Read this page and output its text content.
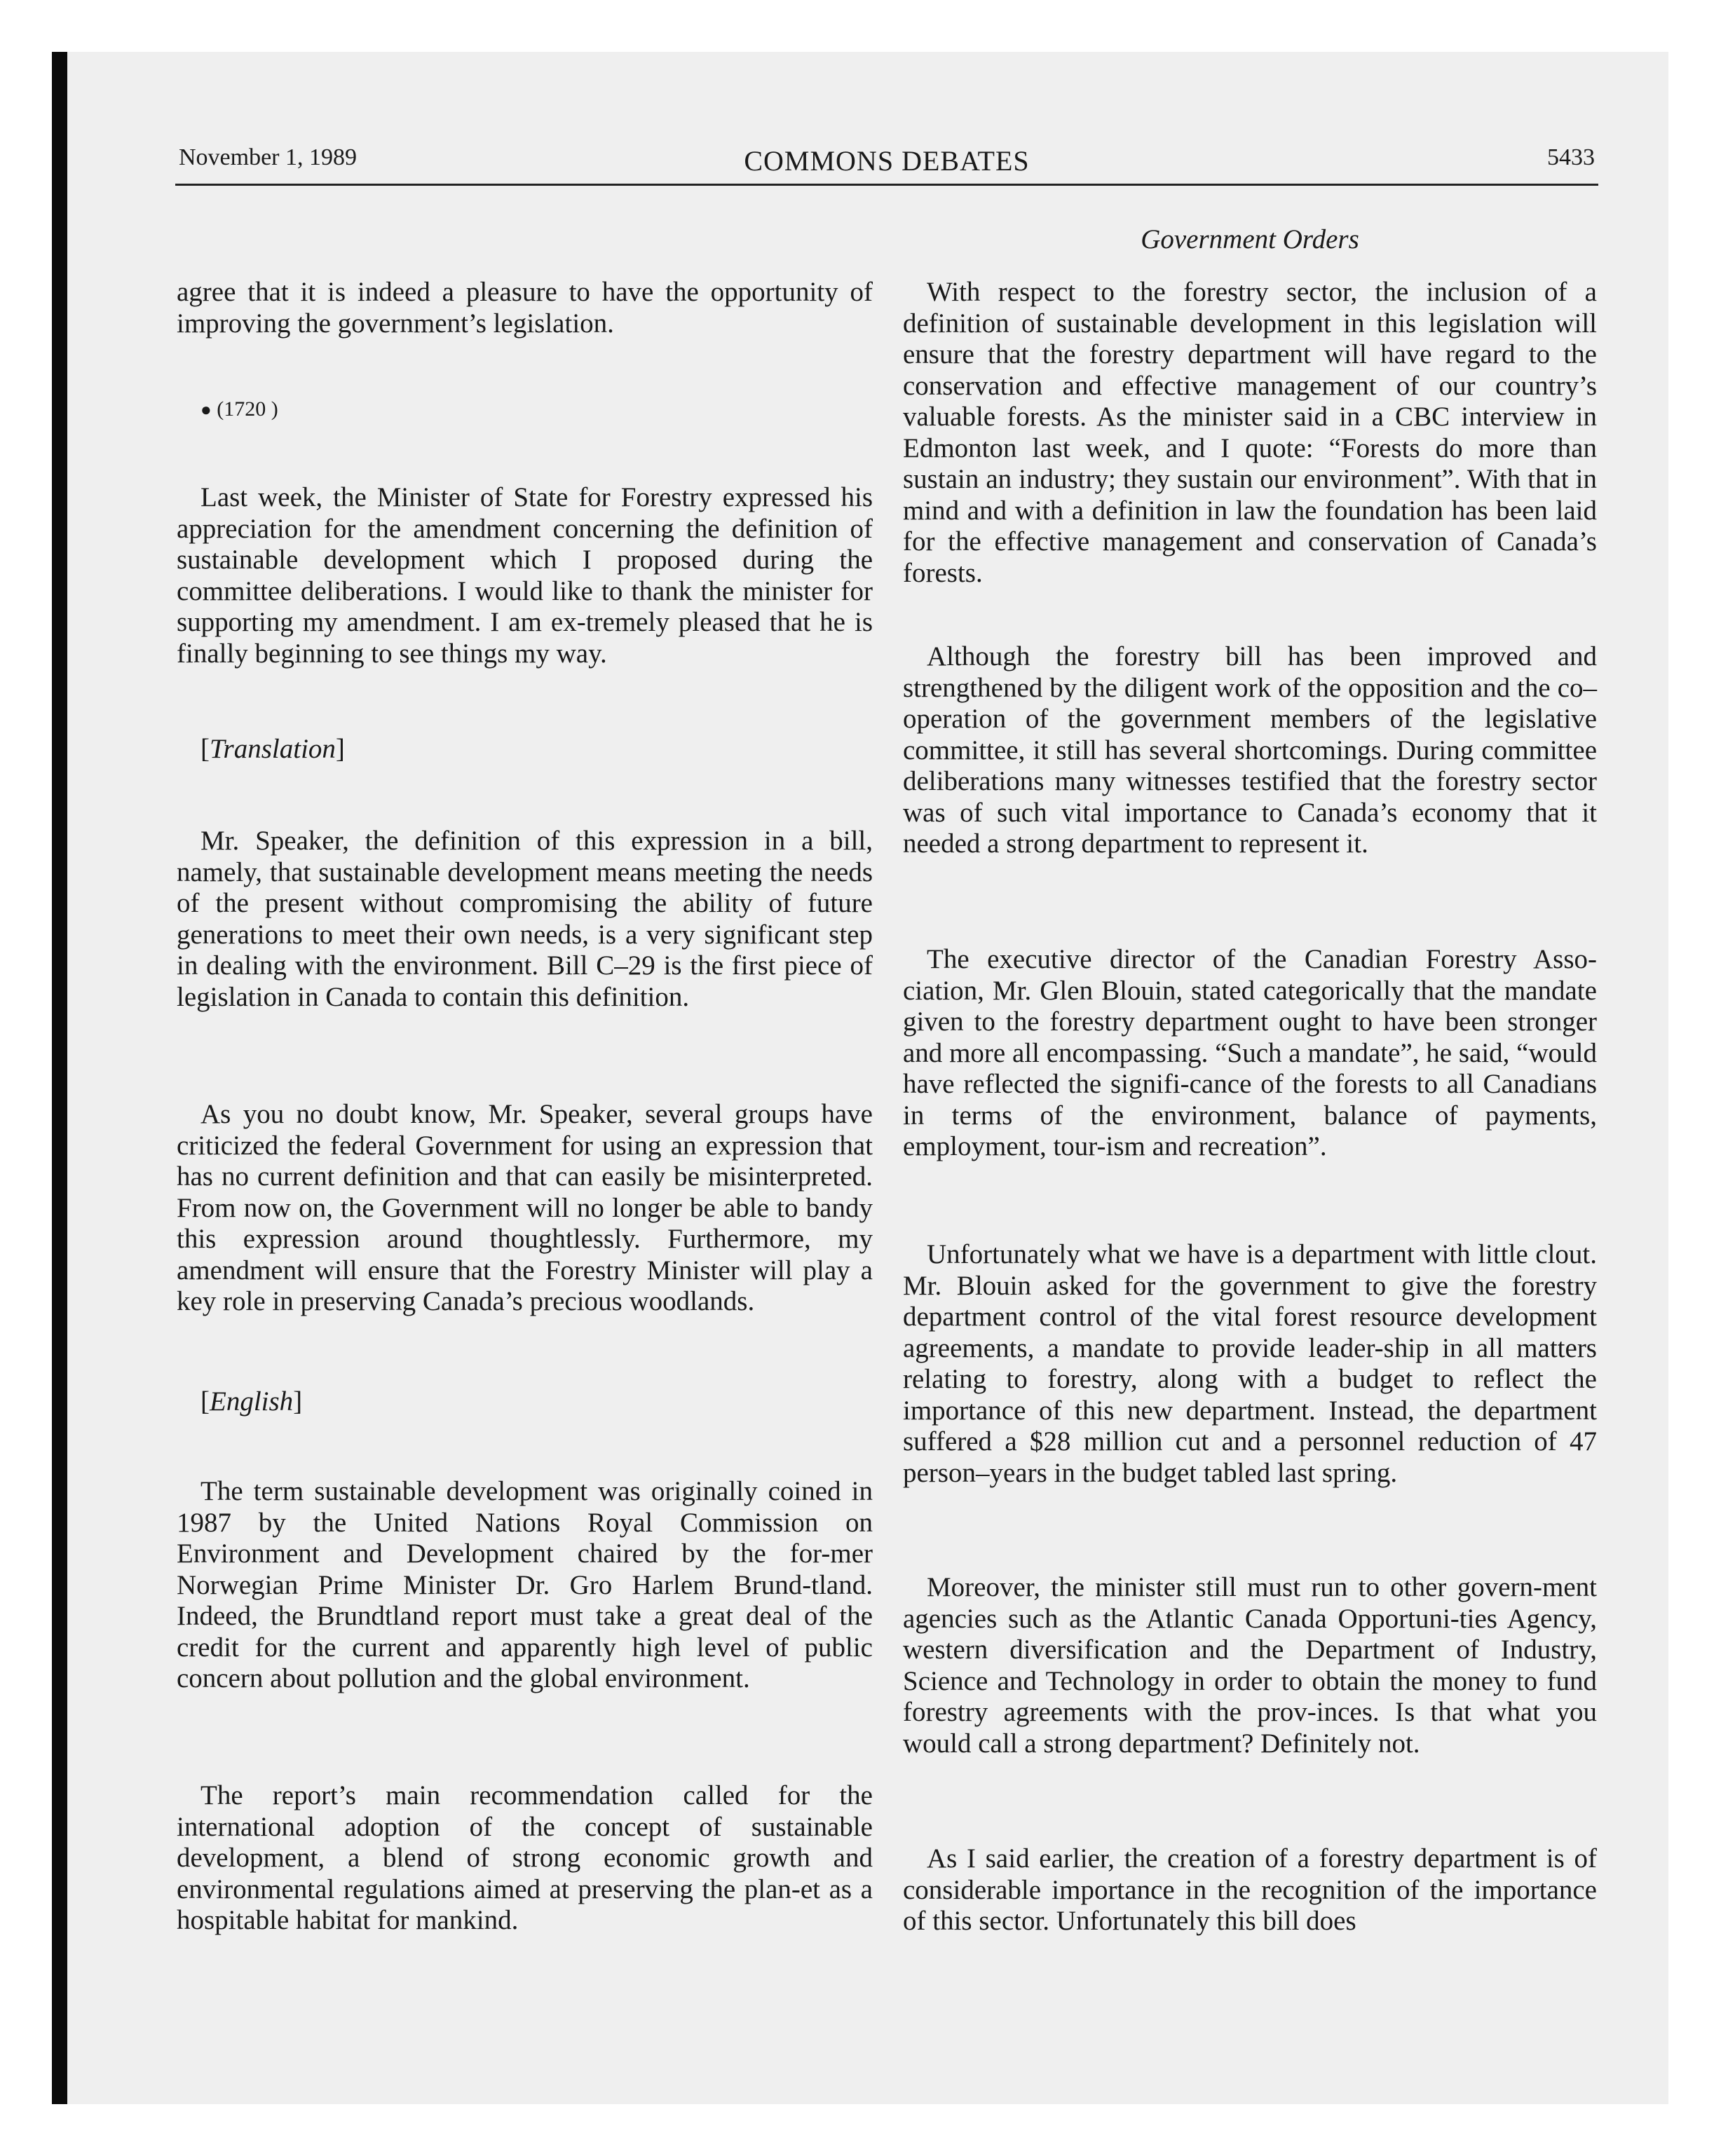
November 1, 1989	COMMONS DEBATES	5433

agree that it is indeed a pleasure to have the opportunity of improving the government’s legislation.

● (1720 )

Last week, the Minister of State for Forestry expressed his appreciation for the amendment concerning the definition of sustainable development which I proposed during the committee deliberations. I would like to thank the minister for supporting my amendment. I am ex-tremely pleased that he is finally beginning to see things my way.

[Translation]

Mr. Speaker, the definition of this expression in a bill, namely, that sustainable development means meeting the needs of the present without compromising the ability of future generations to meet their own needs, is a very significant step in dealing with the environment. Bill C–29 is the first piece of legislation in Canada to contain this definition.

As you no doubt know, Mr. Speaker, several groups have criticized the federal Government for using an expression that has no current definition and that can easily be misinterpreted. From now on, the Government will no longer be able to bandy this expression around thoughtlessly. Furthermore, my amendment will ensure that the Forestry Minister will play a key role in preserving Canada’s precious woodlands.

[English]

The term sustainable development was originally coined in 1987 by the United Nations Royal Commission on Environment and Development chaired by the for-mer Norwegian Prime Minister Dr. Gro Harlem Brund-tland. Indeed, the Brundtland report must take a great deal of the credit for the current and apparently high level of public concern about pollution and the global environment.

The report’s main recommendation called for the international adoption of the concept of sustainable development, a blend of strong economic growth and environmental regulations aimed at preserving the plan-et as a hospitable habitat for mankind.

Government Orders

With respect to the forestry sector, the inclusion of a definition of sustainable development in this legislation will ensure that the forestry department will have regard to the conservation and effective management of our country’s valuable forests. As the minister said in a CBC interview in Edmonton last week, and I quote: “Forests do more than sustain an industry; they sustain our environment”. With that in mind and with a definition in law the foundation has been laid for the effective management and conservation of Canada’s forests.

Although the forestry bill has been improved and strengthened by the diligent work of the opposition and the co–operation of the government members of the legislative committee, it still has several shortcomings. During committee deliberations many witnesses testified that the forestry sector was of such vital importance to Canada’s economy that it needed a strong department to represent it.

The executive director of the Canadian Forestry Asso-ciation, Mr. Glen Blouin, stated categorically that the mandate given to the forestry department ought to have been stronger and more all encompassing. “Such a mandate”, he said, “would have reflected the signifi-cance of the forests to all Canadians in terms of the environment, balance of payments, employment, tour-ism and recreation”.

Unfortunately what we have is a department with little clout. Mr. Blouin asked for the government to give the forestry department control of the vital forest resource development agreements, a mandate to provide leader-ship in all matters relating to forestry, along with a budget to reflect the importance of this new department. Instead, the department suffered a $28 million cut and a personnel reduction of 47 person–years in the budget tabled last spring.

Moreover, the minister still must run to other govern-ment agencies such as the Atlantic Canada Opportuni-ties Agency, western diversification and the Department of Industry, Science and Technology in order to obtain the money to fund forestry agreements with the prov-inces. Is that what you would call a strong department? Definitely not.

As I said earlier, the creation of a forestry department is of considerable importance in the recognition of the importance of this sector. Unfortunately this bill does
